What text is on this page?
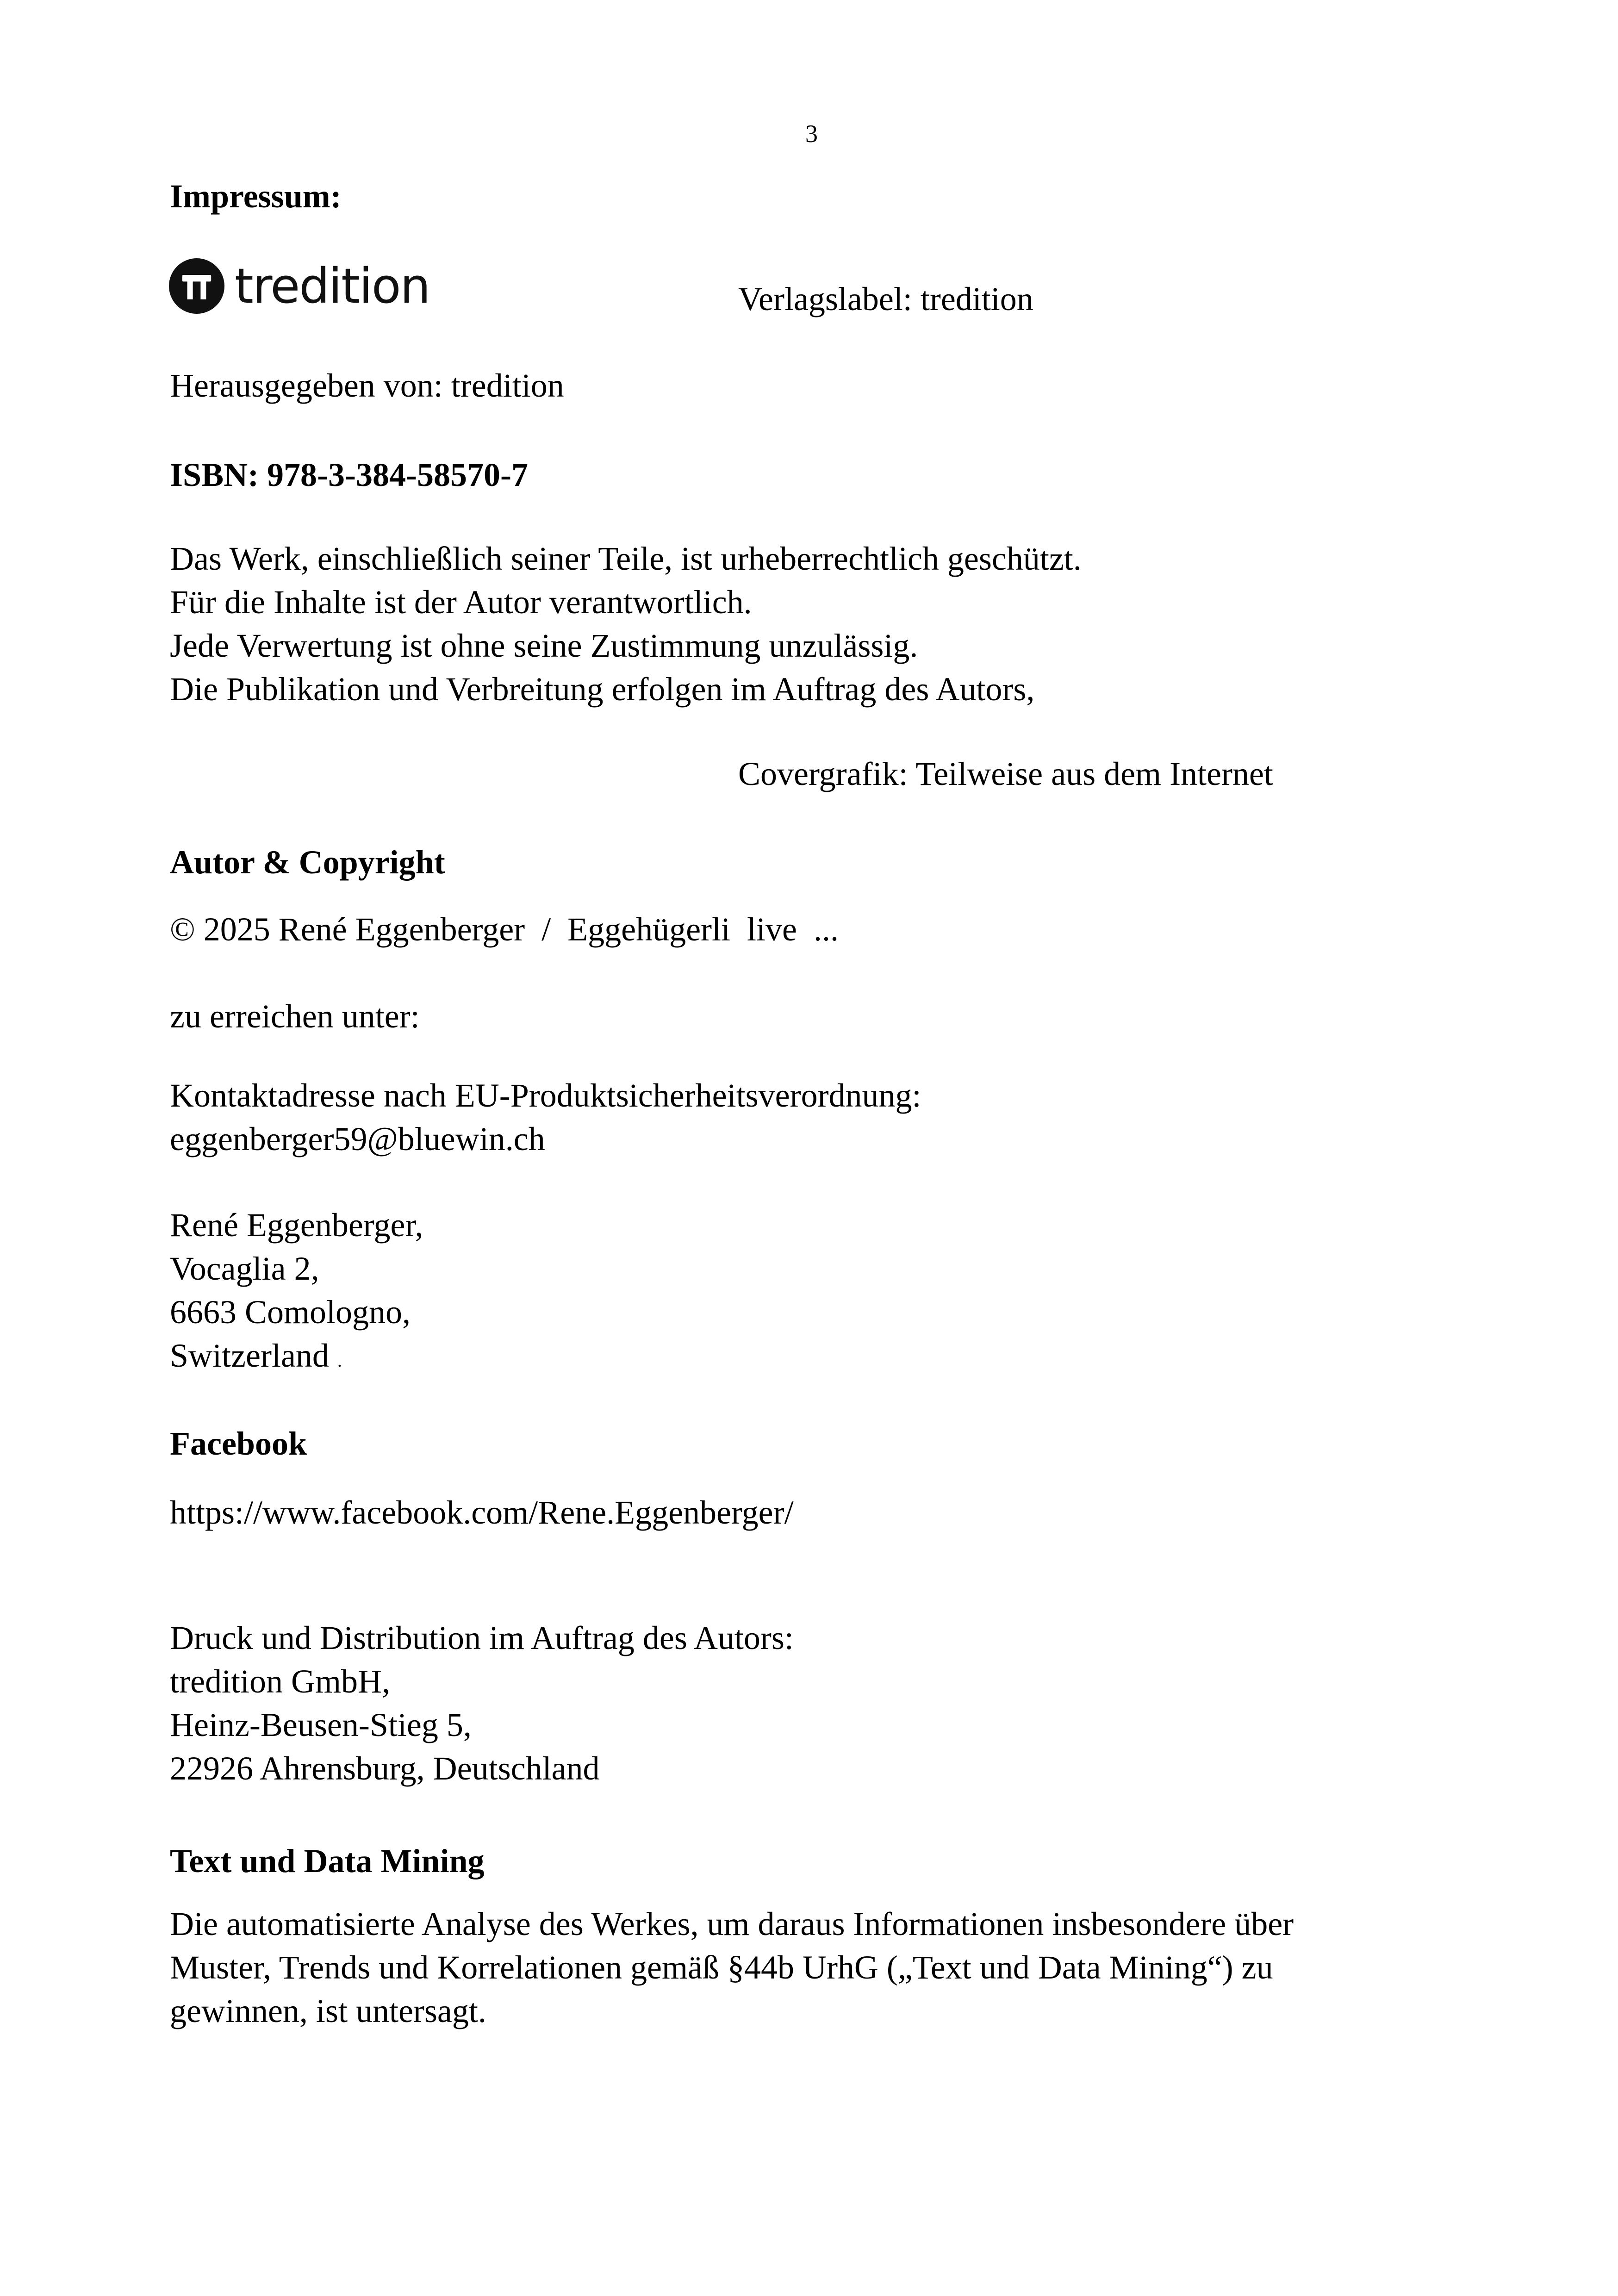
3
Impressum:
tredition	Verlagslabel: tredition
Herausgegeben von: tredition
ISBN: 978-3-384-58570-7
Das Werk, einschließlich seiner Teile, ist urheberrechtlich geschützt.
Für die Inhalte ist der Autor verantwortlich.
Jede Verwertung ist ohne seine Zustimmung unzulässig.
Die Publikation und Verbreitung erfolgen im Auftrag des Autors,
Covergrafik: Teilweise aus dem Internet
Autor & Copyright
© 2025 René Eggenberger  /  Eggehügerli  live  ...
zu erreichen unter:
Kontaktadresse nach EU-Produktsicherheitsverordnung:
eggenberger59@bluewin.ch
René Eggenberger,
Vocaglia 2,
6663 Comologno,
Switzerland .
Facebook
https://www.facebook.com/Rene.Eggenberger/
Druck und Distribution im Auftrag des Autors:
tredition GmbH,
Heinz-Beusen-Stieg 5,
22926 Ahrensburg, Deutschland
Text und Data Mining
Die automatisierte Analyse des Werkes, um daraus Informationen insbesondere über
Muster, Trends und Korrelationen gemäß §44b UrhG („Text und Data Mining“) zu
gewinnen, ist untersagt.
